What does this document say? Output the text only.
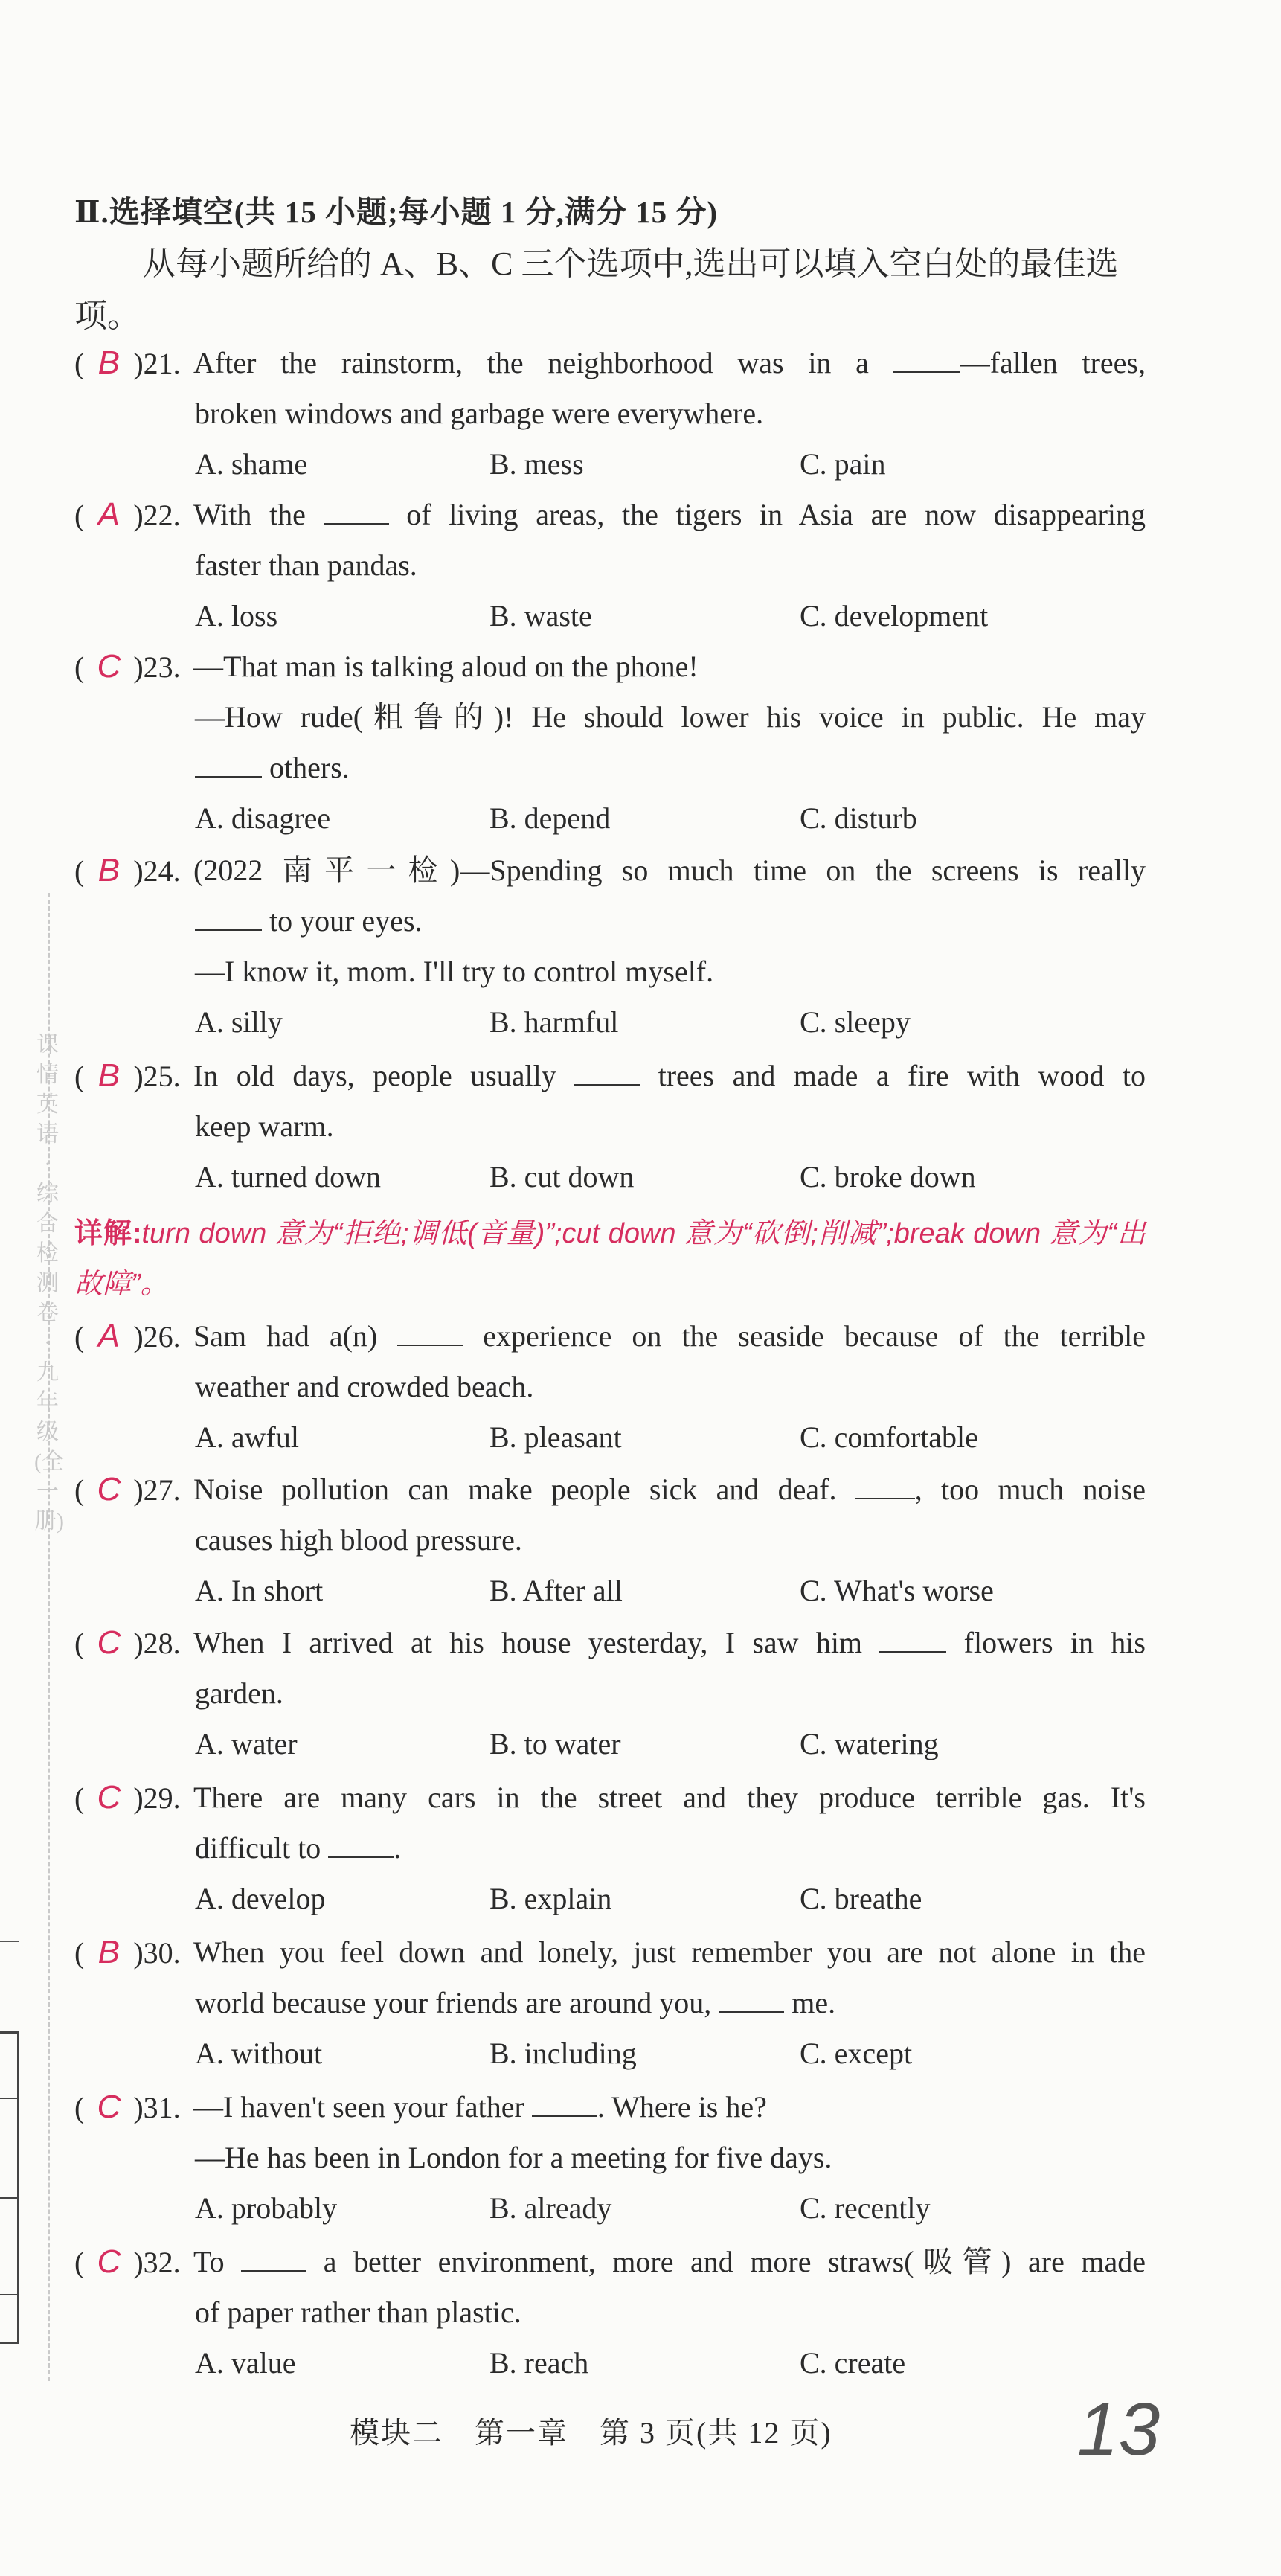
Ⅱ.选择填空(共 15 小题;每小题 1 分,满分 15 分)
从每小题所给的 A、B、C 三个选项中,选出可以填入空白处的最佳选项。
( B )21. After the rainstorm, the neighborhood was in a —fallen trees,
broken windows and garbage were everywhere.
A. shame	B. mess	C. pain
( A )22. With the  of living areas, the tigers in Asia are now disappearing
faster than pandas.
A. loss	B. waste	C. development
( C )23. —That man is talking aloud on the phone!
—How rude(粗鲁的)! He should lower his voice in public. He may
others.
A. disagree	B. depend	C. disturb
( B )24. (2022 南平一检)—Spending so much time on the screens is really
to your eyes.
—I know it, mom. I'll try to control myself.
A. silly	B. harmful	C. sleepy
( B )25. In old days, people usually  trees and made a fire with wood to
keep warm.
A. turned down	B. cut down	C. broke down
详解:turn down 意为“拒绝;调低(音量)”;cut down 意为“砍倒;削减”;break down 意为“出故障”。
( A )26. Sam had a(n)  experience on the seaside because of the terrible
weather and crowded beach.
A. awful	B. pleasant	C. comfortable
( C )27. Noise pollution can make people sick and deaf. , too much noise
causes high blood pressure.
A. In short	B. After all	C. What's worse
( C )28. When I arrived at his house yesterday, I saw him  flowers in his
garden.
A. water	B. to water	C. watering
( C )29. There are many cars in the street and they produce terrible gas. It's
difficult to .
A. develop	B. explain	C. breathe
( B )30. When you feel down and lonely, just remember you are not alone in the
world because your friends are around you,  me.
A. without	B. including	C. except
( C )31. —I haven't seen your father . Where is he?
—He has been in London for a meeting for five days.
A. probably	B. already	C. recently
( C )32. To  a better environment, more and more straws(吸管) are made
of paper rather than plastic.
A. value	B. reach	C. create
课情英语·综合检测卷·九年级(全一册)
模块二　第一章　第 3 页(共 12 页)	13
